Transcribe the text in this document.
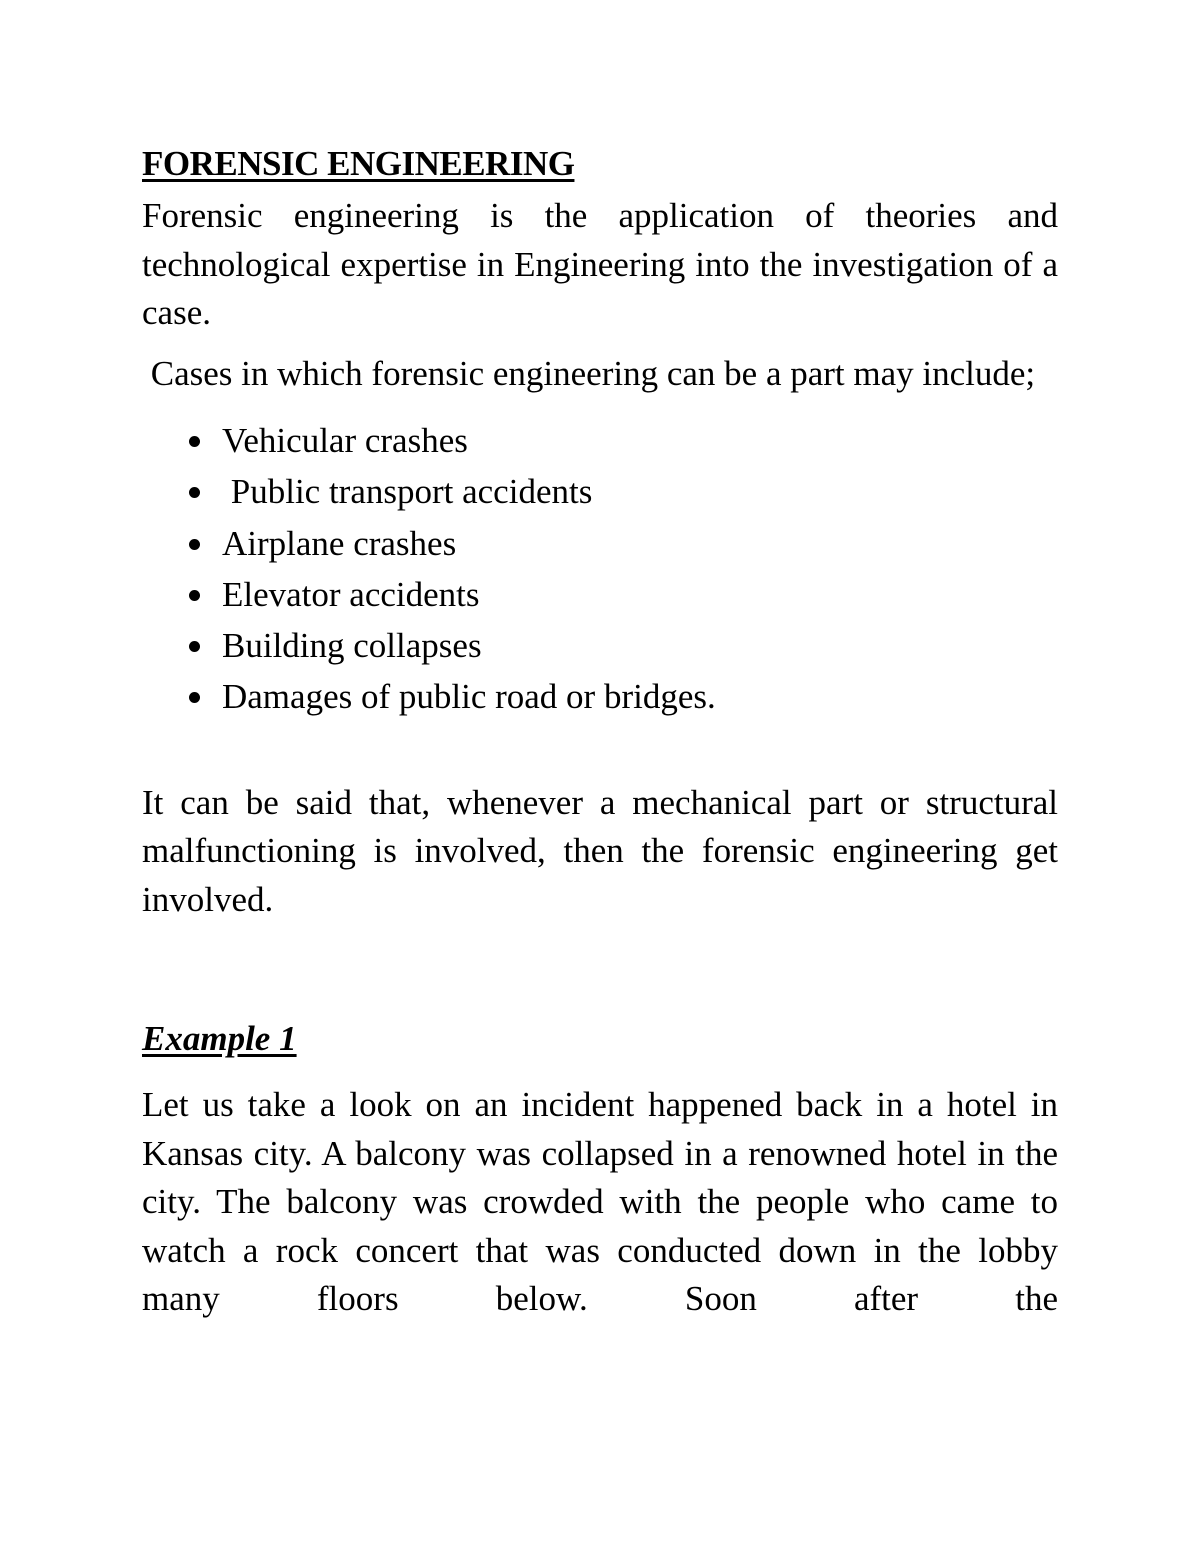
FORENSIC ENGINEERING

Forensic engineering is the application of theories and technological expertise in Engineering into the investigation of a case.

Cases in which forensic engineering can be a part may include;

Vehicular crashes
Public transport accidents
Airplane crashes
Elevator accidents
Building collapses
Damages of public road or bridges.

It can be said that, whenever a mechanical part or structural malfunctioning is involved, then the forensic engineering get involved.

Example 1

Let us take a look on an incident happened back in a hotel in Kansas city. A balcony was collapsed in a renowned hotel in the city. The balcony was crowded with the people who came to watch a rock concert that was conducted down in the lobby many floors below. Soon after the
